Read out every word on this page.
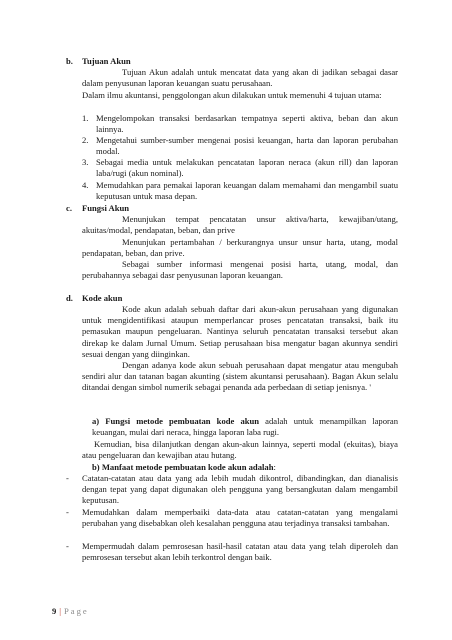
b. Tujuan Akun
Tujuan Akun adalah untuk mencatat data yang akan di jadikan sebagai dasar dalam penyusunan laporan keuangan suatu perusahaan.
Dalam ilmu akuntansi, penggolongan akun dilakukan untuk memenuhi 4 tujuan utama:
1. Mengelompokan transaksi berdasarkan tempatnya seperti aktiva, beban dan akun lainnya.
2. Mengetahui sumber-sumber mengenai posisi keuangan, harta dan laporan perubahan modal.
3. Sebagai media untuk melakukan pencatatan laporan neraca (akun rill) dan laporan laba/rugi (akun nominal).
4. Memudahkan para pemakai laporan keuangan dalam memahami dan mengambil suatu keputusan untuk masa depan.
c. Fungsi Akun
Menunjukan tempat pencatatan unsur aktiva/harta, kewajiban/utang, akuitas/modal, pendapatan, beban, dan prive
Menunjukan pertambahan / berkurangnya unsur unsur harta, utang, modal pendapatan, beban, dan prive.
Sebagai sumber informasi mengenai posisi harta, utang, modal, dan perubahannya sebagai dasr penyusunan laporan keuangan.
d. Kode akun
Kode akun adalah sebuah daftar dari akun-akun perusahaan yang digunakan untuk mengidentifikasi ataupun memperlancar proses pencatatan transaksi, baik itu pemasukan maupun pengeluaran. Nantinya seluruh pencatatan transaksi tersebut akan direkap ke dalam Jurnal Umum. Setiap perusahaan bisa mengatur bagan akunnya sendiri sesuai dengan yang diinginkan.
Dengan adanya kode akun sebuah perusahaan dapat mengatur atau mengubah sendiri alur dan tatanan bagan akunting (sistem akuntansi perusahaan). Bagan Akun selalu ditandai dengan simbol numerik sebagai penanda ada perbedaan di setiap jenisnya. '
a) Fungsi metode pembuatan kode akun adalah untuk menampilkan laporan keuangan, mulai dari neraca, hingga laporan laba rugi.
Kemudian, bisa dilanjutkan dengan akun-akun lainnya, seperti modal (ekuitas), biaya atau pengeluaran dan kewajiban atau hutang.
b) Manfaat metode pembuatan kode akun adalah:
- Catatan-catatan atau data yang ada lebih mudah dikontrol, dibandingkan, dan dianalisis dengan tepat yang dapat digunakan oleh pengguna yang bersangkutan dalam mengambil keputusan.
- Memudahkan dalam memperbaiki data-data atau catatan-catatan yang mengalami perubahan yang disebabkan oleh kesalahan pengguna atau terjadinya transaksi tambahan.
- Mempermudah dalam pemrosesan hasil-hasil catatan atau data yang telah diperoleh dan pemrosesan tersebut akan lebih terkontrol dengan baik.
9 | Page
